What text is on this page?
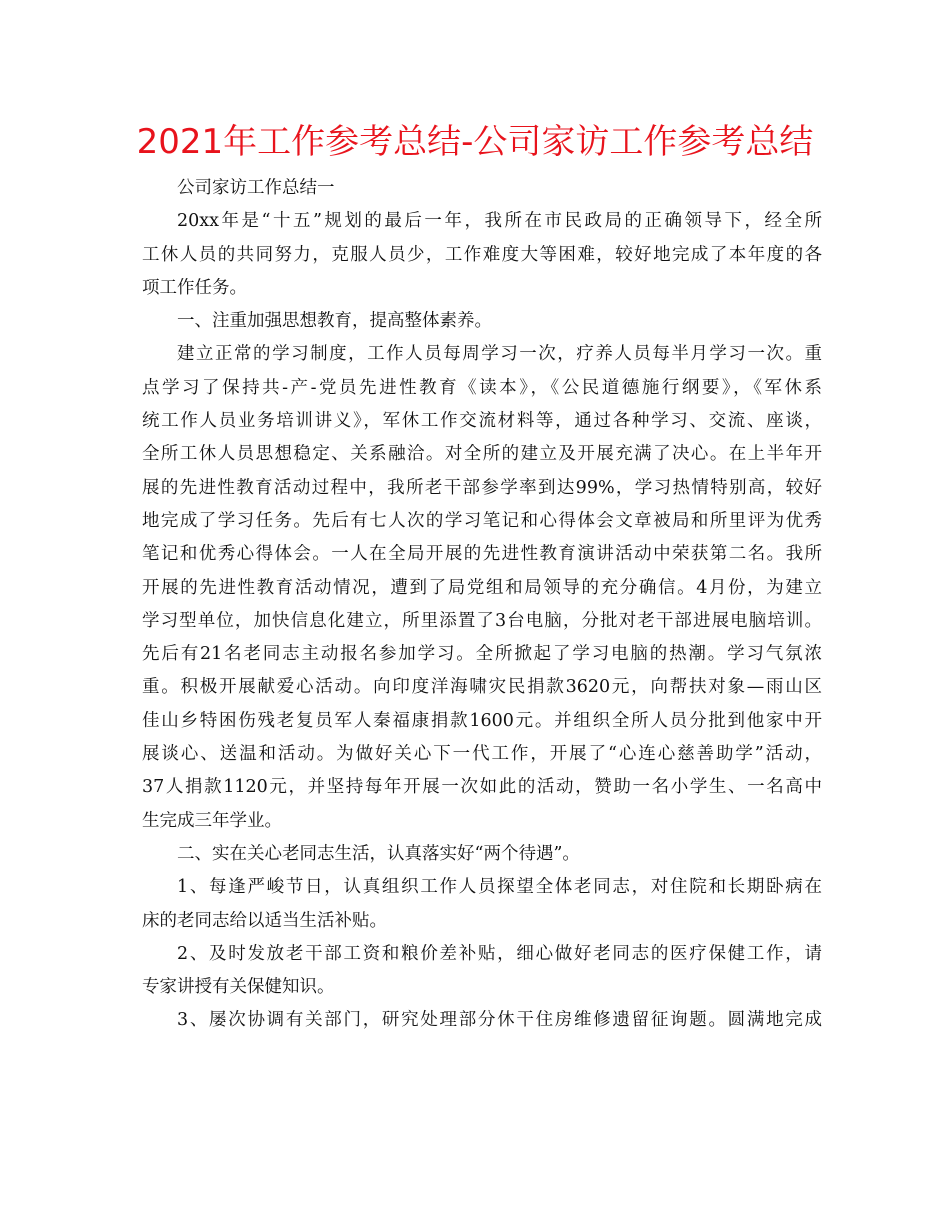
2021年工作参考总结-公司家访工作参考总结
公司家访工作总结一
20xx年是“十五”规划的最后一年，我所在市民政局的正确领导下，经全所
工休人员的共同努力，克服人员少，工作难度大等困难，较好地完成了本年度的各
项工作任务。
一、注重加强思想教育，提高整体素养。
建立正常的学习制度，工作人员每周学习一次，疗养人员每半月学习一次。重
点学习了保持共-产-党员先进性教育《读本》，《公民道德施行纲要》，《军休系
统工作人员业务培训讲义》，军休工作交流材料等，通过各种学习、交流、座谈，
全所工休人员思想稳定、关系融洽。对全所的建立及开展充满了决心。在上半年开
展的先进性教育活动过程中，我所老干部参学率到达99%，学习热情特别高，较好
地完成了学习任务。先后有七人次的学习笔记和心得体会文章被局和所里评为优秀
笔记和优秀心得体会。一人在全局开展的先进性教育演讲活动中荣获第二名。我所
开展的先进性教育活动情况，遭到了局党组和局领导的充分确信。4月份，为建立
学习型单位，加快信息化建立，所里添置了3台电脑，分批对老干部进展电脑培训。
先后有21名老同志主动报名参加学习。全所掀起了学习电脑的热潮。学习气氛浓
重。积极开展献爱心活动。向印度洋海啸灾民捐款3620元，向帮扶对象—雨山区
佳山乡特困伤残老复员军人秦福康捐款1600元。并组织全所人员分批到他家中开
展谈心、送温和活动。为做好关心下一代工作，开展了“心连心慈善助学”活动，
37人捐款1120元，并坚持每年开展一次如此的活动，赞助一名小学生、一名高中
生完成三年学业。
二、实在关心老同志生活，认真落实好“两个待遇”。
1、每逢严峻节日，认真组织工作人员探望全体老同志，对住院和长期卧病在
床的老同志给以适当生活补贴。
2、及时发放老干部工资和粮价差补贴，细心做好老同志的医疗保健工作，请
专家讲授有关保健知识。
3、屡次协调有关部门，研究处理部分休干住房维修遗留征询题。圆满地完成
